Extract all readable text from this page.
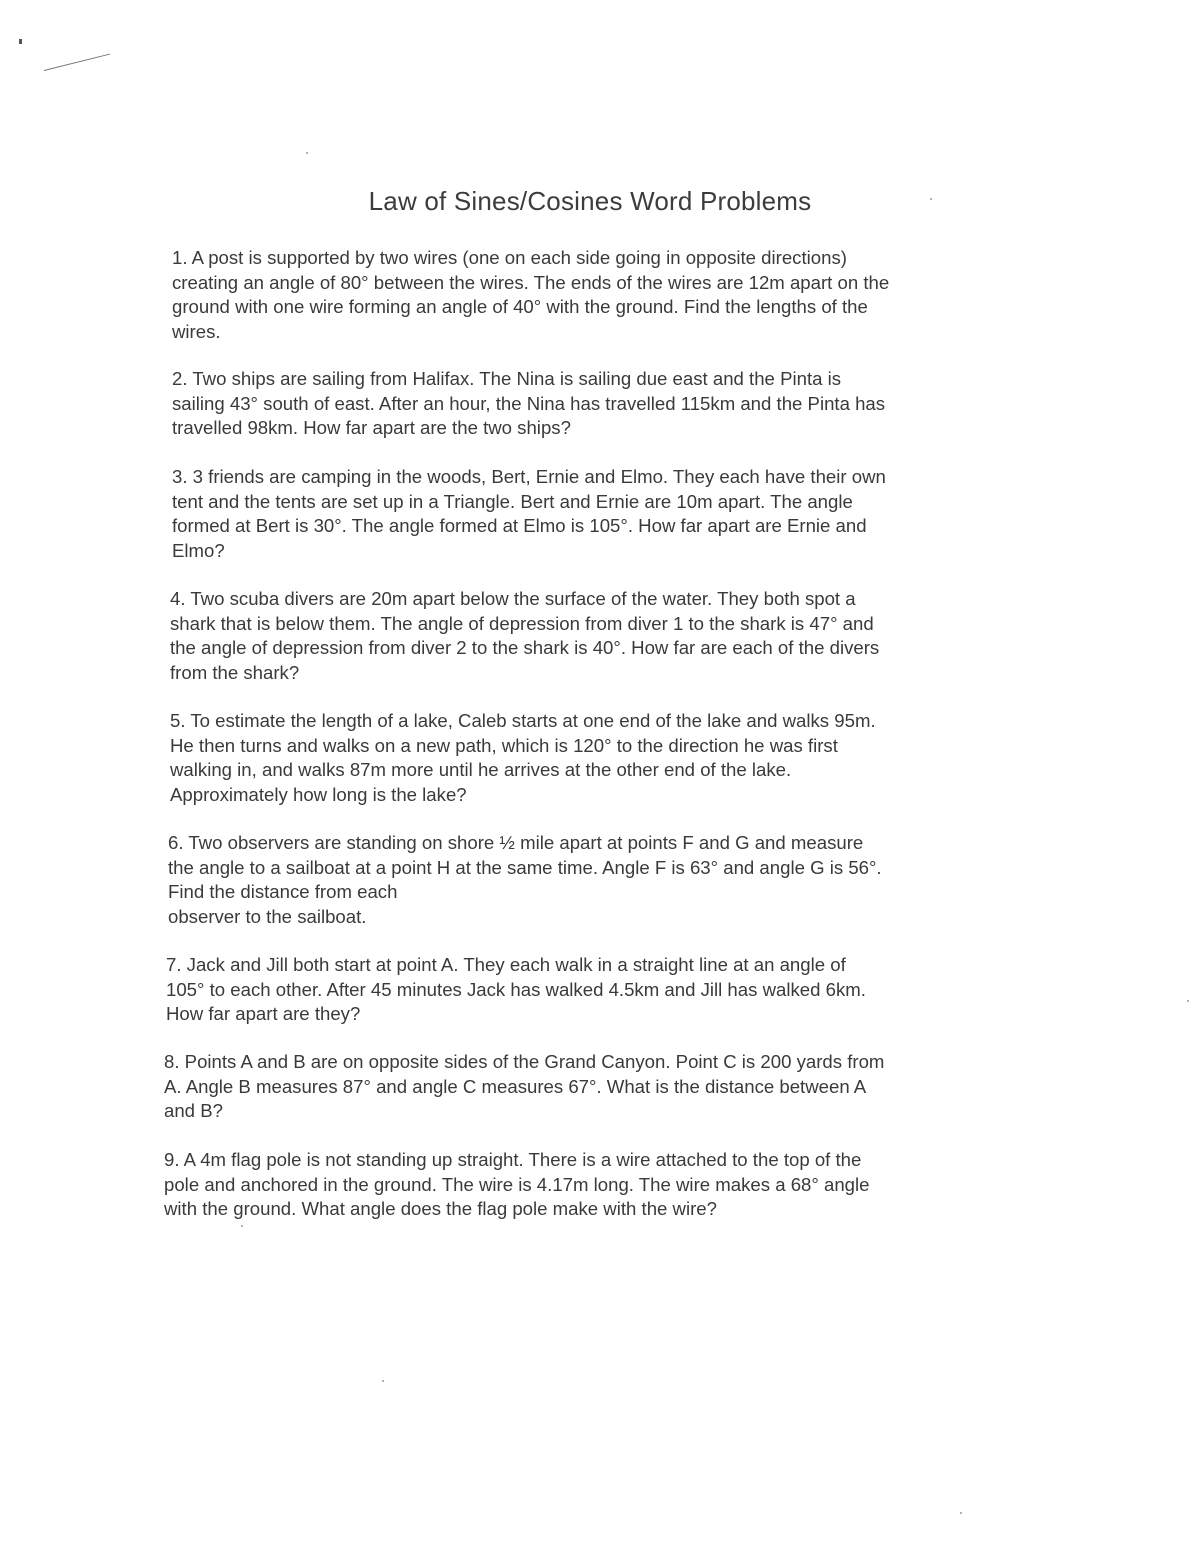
Law of Sines/Cosines Word Problems

1. A post is supported by two wires (one on each side going in opposite directions)
creating an angle of 80° between the wires. The ends of the wires are 12m apart on the
ground with one wire forming an angle of 40° with the ground. Find the lengths of the
wires.

2. Two ships are sailing from Halifax. The Nina is sailing due east and the Pinta is
sailing 43° south of east. After an hour, the Nina has travelled 115km and the Pinta has
travelled 98km. How far apart are the two ships?

3. 3 friends are camping in the woods, Bert, Ernie and Elmo. They each have their own
tent and the tents are set up in a Triangle. Bert and Ernie are 10m apart. The angle
formed at Bert is 30°. The angle formed at Elmo is 105°. How far apart are Ernie and
Elmo?

4. Two scuba divers are 20m apart below the surface of the water. They both spot a
shark that is below them. The angle of depression from diver 1 to the shark is 47° and
the angle of depression from diver 2 to the shark is 40°. How far are each of the divers
from the shark?

5. To estimate the length of a lake, Caleb starts at one end of the lake and walks 95m.
He then turns and walks on a new path, which is 120° to the direction he was first
walking in, and walks 87m more until he arrives at the other end of the lake.
Approximately how long is the lake?

6. Two observers are standing on shore ½ mile apart at points F and G and measure
the angle to a sailboat at a point H at the same time. Angle F is 63° and angle G is 56°.
Find the distance from each
observer to the sailboat.

7. Jack and Jill both start at point A. They each walk in a straight line at an angle of
105° to each other. After 45 minutes Jack has walked 4.5km and Jill has walked 6km.
How far apart are they?

8. Points A and B are on opposite sides of the Grand Canyon. Point C is 200 yards from
A. Angle B measures 87° and angle C measures 67°. What is the distance between A
and B?

9. A 4m flag pole is not standing up straight. There is a wire attached to the top of the
pole and anchored in the ground. The wire is 4.17m long. The wire makes a 68° angle
with the ground. What angle does the flag pole make with the wire?
